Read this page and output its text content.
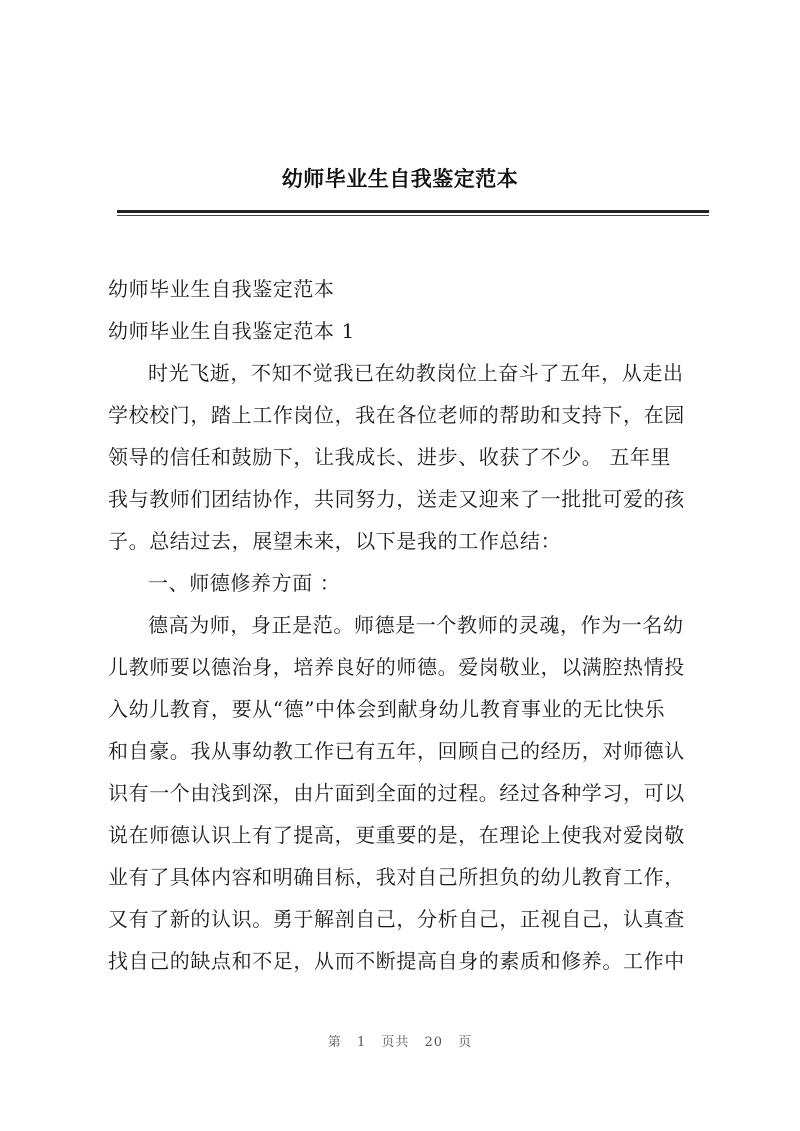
幼师毕业生自我鉴定范本
幼师毕业生自我鉴定范本
幼师毕业生自我鉴定范本 1
时光飞逝，不知不觉我已在幼教岗位上奋斗了五年，从走出
学校校门，踏上工作岗位，我在各位老师的帮助和支持下，在园
领导的信任和鼓励下，让我成长、进步、收获了不少。 五年里
我与教师们团结协作，共同努力，送走又迎来了一批批可爱的孩
子。总结过去，展望未来，以下是我的工作总结：
一、师德修养方面 ：
德高为师，身正是范。师德是一个教师的灵魂，作为一名幼
儿教师要以德治身，培养良好的师德。爱岗敬业，以满腔热情投
入幼儿教育，要从“德”中体会到献身幼儿教育事业的无比快乐
和自豪。我从事幼教工作已有五年，回顾自己的经历，对师德认
识有一个由浅到深，由片面到全面的过程。经过各种学习，可以
说在师德认识上有了提高，更重要的是，在理论上使我对爱岗敬
业有了具体内容和明确目标，我对自己所担负的幼儿教育工作，
又有了新的认识。勇于解剖自己，分析自己，正视自己，认真查
找自己的缺点和不足，从而不断提高自身的素质和修养。工作中
第 1 页共 20 页
